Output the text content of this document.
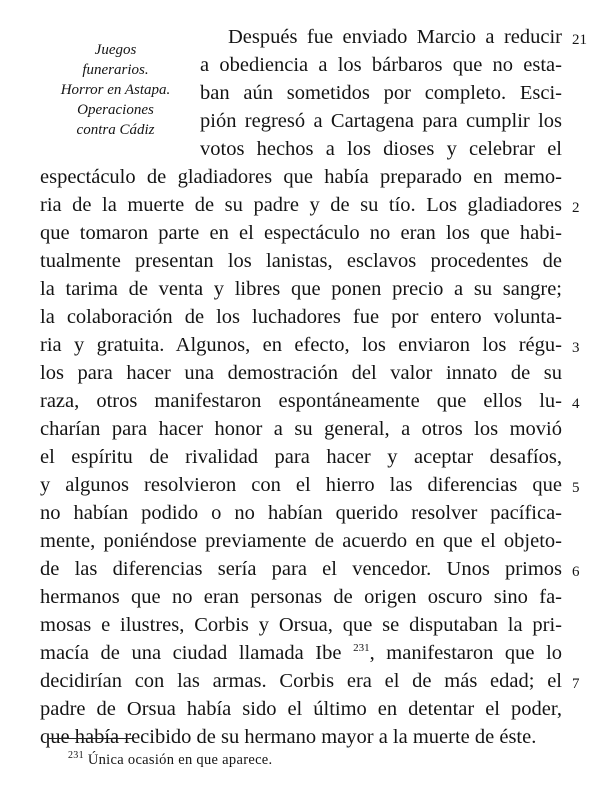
Juegos
funerarios.
Horror en Astapa.
Operaciones
contra Cádiz
Después fue enviado Marcio a reducir
a obediencia a los bárbaros que no esta-
ban aún sometidos por completo. Esci-
pión regresó a Cartagena para cumplir los
votos hechos a los dioses y celebrar el
espectáculo de gladiadores que había preparado en memo-
ria de la muerte de su padre y de su tío. Los gladiadores
que tomaron parte en el espectáculo no eran los que habi-
tualmente presentan los lanistas, esclavos procedentes de
la tarima de venta y libres que ponen precio a su sangre;
la colaboración de los luchadores fue por entero volunta-
ria y gratuita. Algunos, en efecto, los enviaron los régu-
los para hacer una demostración del valor innato de su
raza, otros manifestaron espontáneamente que ellos lu-
charían para hacer honor a su general, a otros los movió
el espíritu de rivalidad para hacer y aceptar desafíos,
y algunos resolvieron con el hierro las diferencias que
no habían podido o no habían querido resolver pacífica-
mente, poniéndose previamente de acuerdo en que el objeto-
de las diferencias sería para el vencedor. Unos primos
hermanos que no eran personas de origen oscuro sino fa-
mosas e ilustres, Corbis y Orsua, que se disputaban la pri-
macía de una ciudad llamada Ibe $^{231}$, manifestaron que lo
decidirían con las armas. Corbis era el de más edad; el
padre de Orsua había sido el último en detentar el poder,
que había recibido de su hermano mayor a la muerte de éste.
21
2
3
4
5
6
7
$^{231}$ Única ocasión en que aparece.
